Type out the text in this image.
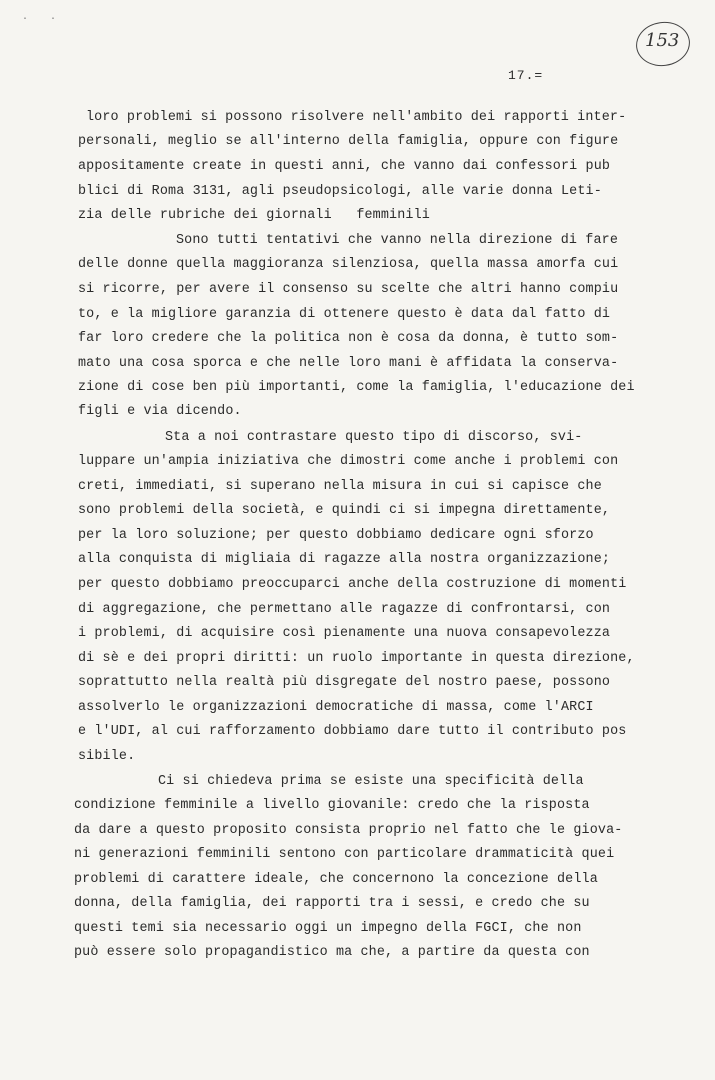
· ·
153
17.=
loro problemi si possono risolvere nell'ambito dei rapporti inter-
personali, meglio se all'interno della famiglia, oppure con figure
appositamente create in questi anni, che vanno dai confessori pub
blici di Roma 3131, agli pseudopsicologi, alle varie donna Leti-
zia delle rubriche dei giornali   femminili
Sono tutti tentativi che vanno nella direzione di fare
delle donne quella maggioranza silenziosa, quella massa amorfa cui
si ricorre, per avere il consenso su scelte che altri hanno compiu
to, e la migliore garanzia di ottenere questo è data dal fatto di
far loro credere che la politica non è cosa da donna, è tutto som-
mato una cosa sporca e che nelle loro mani è affidata la conserva-
zione di cose ben più importanti, come la famiglia, l'educazione dei
figli e via dicendo.
Sta a noi contrastare questo tipo di discorso, svi-
luppare un'ampia iniziativa che dimostri come anche i problemi con
creti, immediati, si superano nella misura in cui si capisce che
sono problemi della società, e quindi ci si impegna direttamente,
per la loro soluzione; per questo dobbiamo dedicare ogni sforzo
alla conquista di migliaia di ragazze alla nostra organizzazione;
per questo dobbiamo preoccuparci anche della costruzione di momenti
di aggregazione, che permettano alle ragazze di confrontarsi, con
i problemi, di acquisire così pienamente una nuova consapevolezza
di sè e dei propri diritti: un ruolo importante in questa direzione,
soprattutto nella realtà più disgregate del nostro paese, possono
assolverlo le organizzazioni democratiche di massa, come l'ARCI
e l'UDI, al cui rafforzamento dobbiamo dare tutto il contributo pos
sibile.
Ci si chiedeva prima se esiste una specificità della
condizione femminile a livello giovanile: credo che la risposta
da dare a questo proposito consista proprio nel fatto che le giova-
ni generazioni femminili sentono con particolare drammaticità quei
problemi di carattere ideale, che concernono la concezione della
donna, della famiglia, dei rapporti tra i sessi, e credo che su
questi temi sia necessario oggi un impegno della FGCI, che non
può essere solo propagandistico ma che, a partire da questa con
